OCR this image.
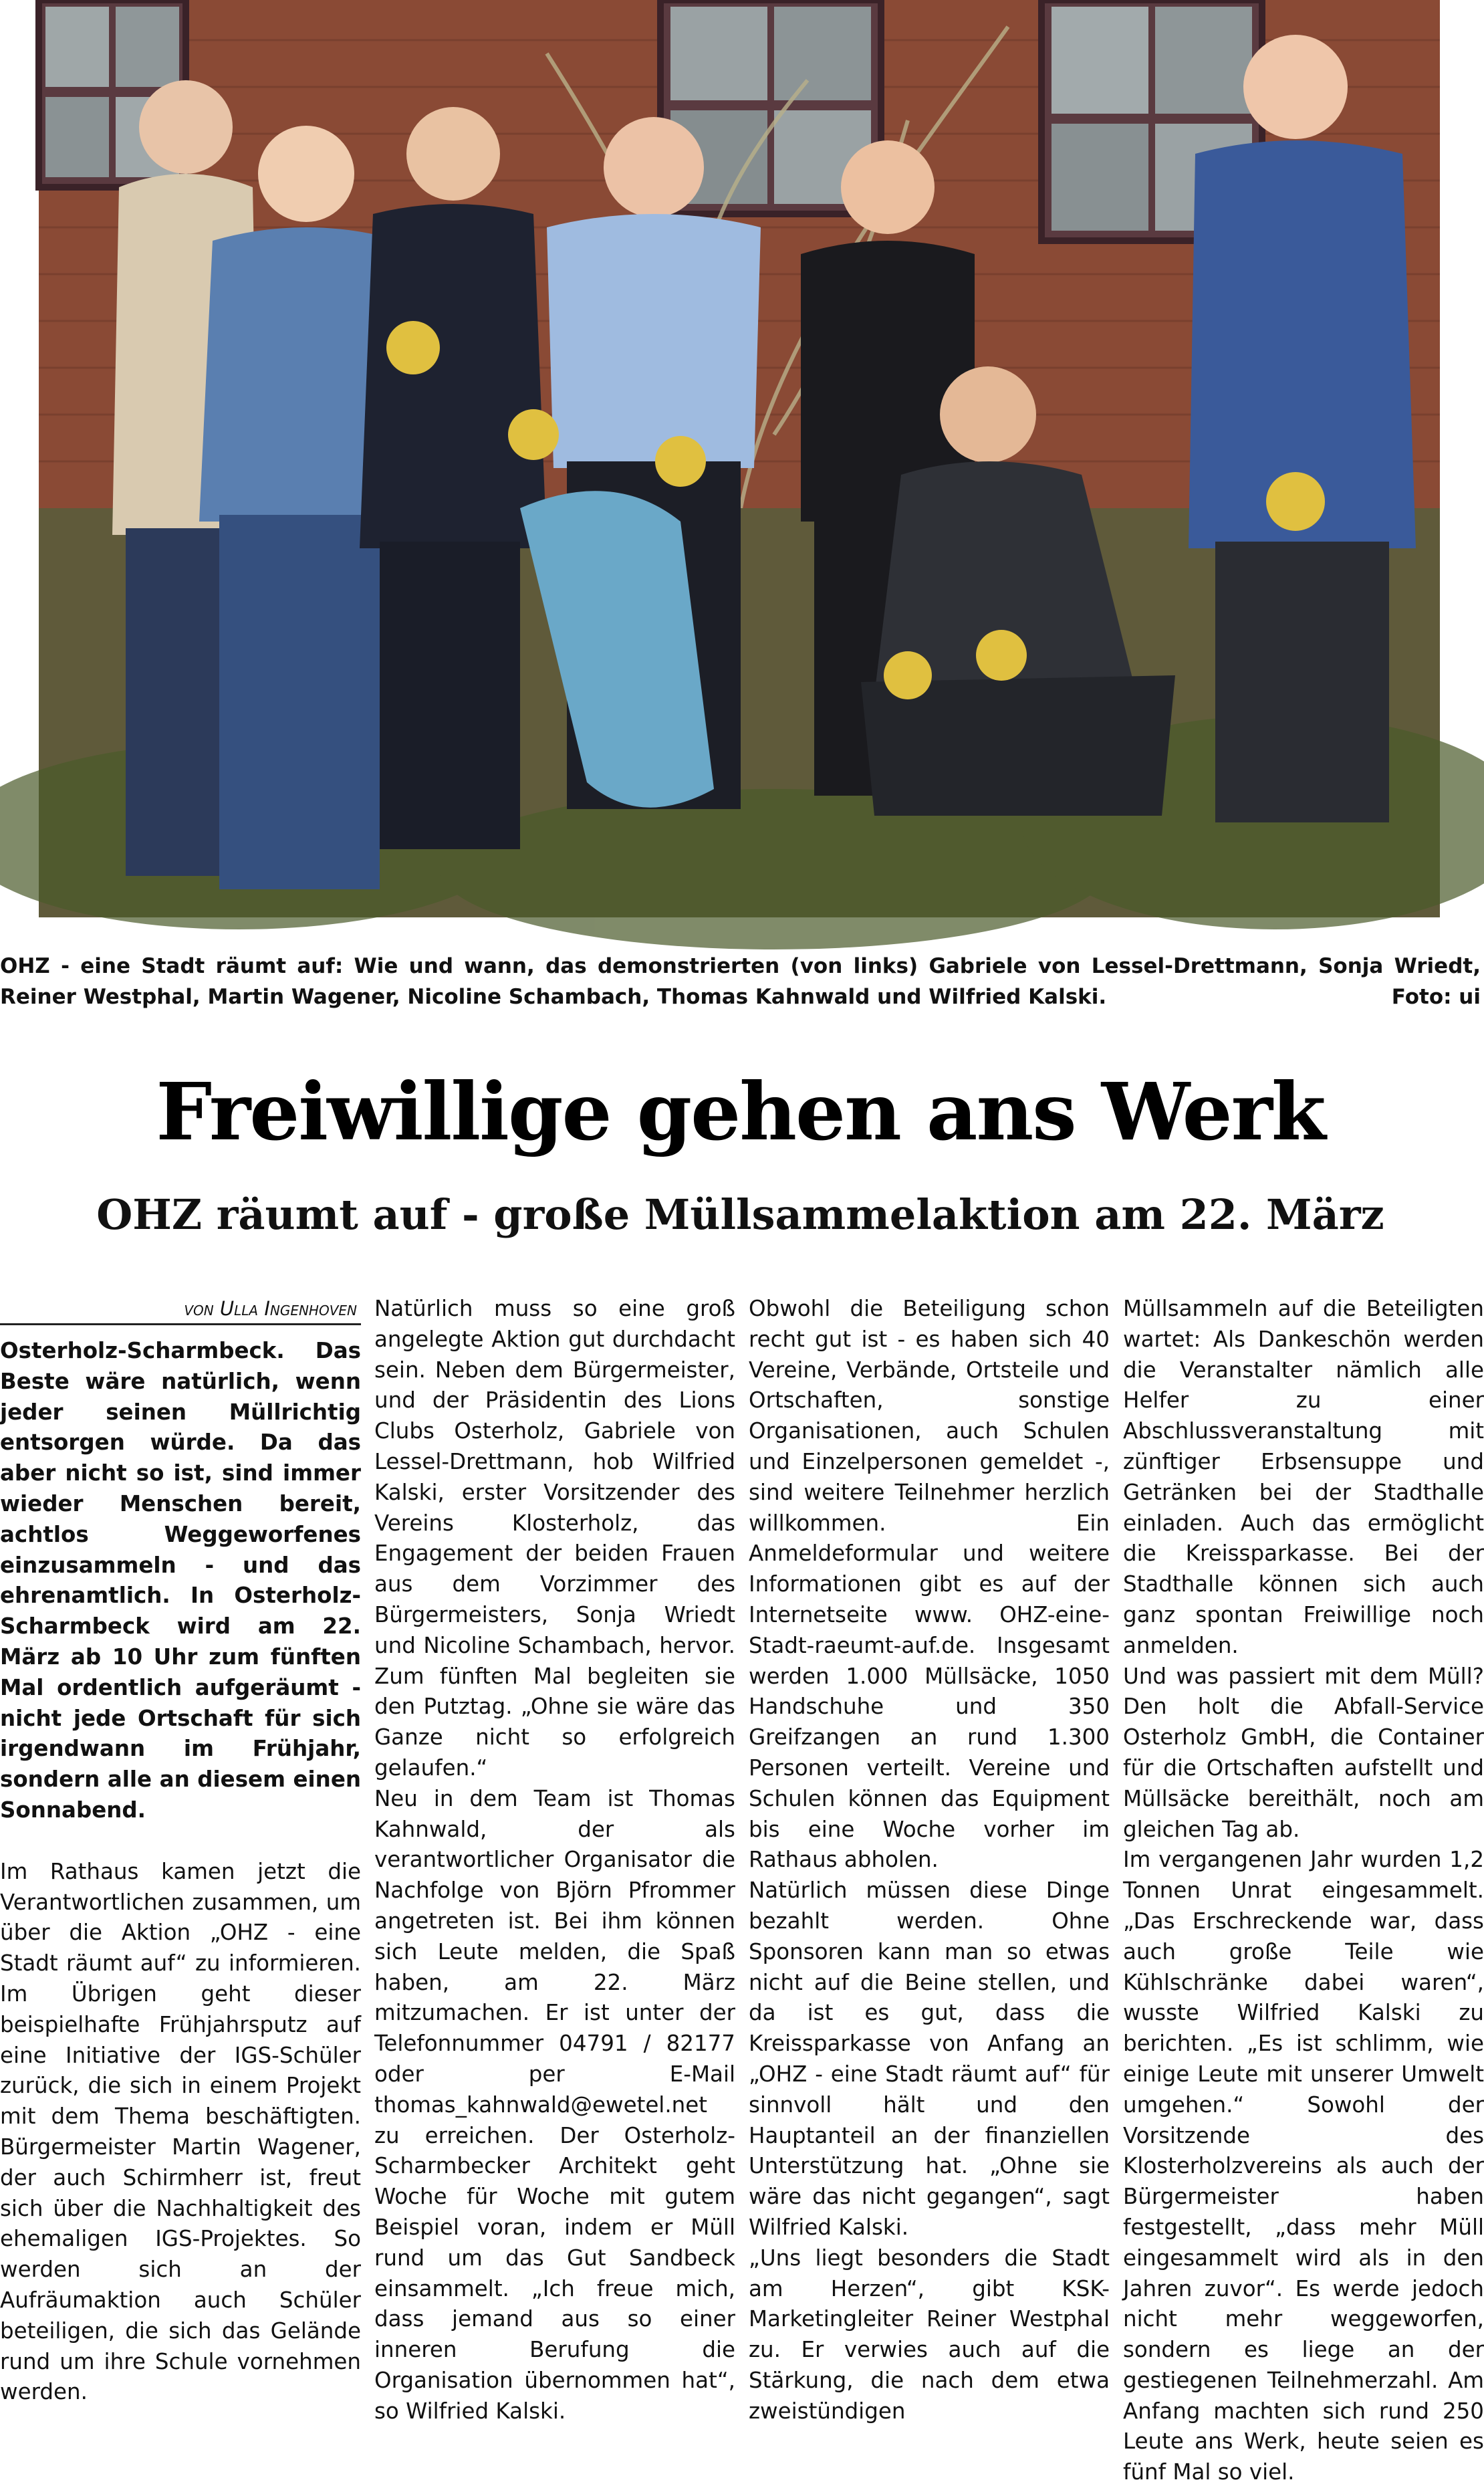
OHZ - eine Stadt räumt auf: Wie und wann, das demonstrierten (von links) Gabriele von Lessel-Drettmann, Sonja Wriedt, Reiner Westphal, Martin Wagener, Nicoline Schambach, Thomas Kahnwald und Wilfried Kalski.	Foto: ui
Freiwillige gehen ans Werk
OHZ räumt auf - große Müllsammelaktion am 22. März
von Ulla Ingenhoven

Osterholz-Scharmbeck. Das Beste wäre natürlich, wenn jeder seinen Müllrichtig entsorgen würde. Da das aber nicht so ist, sind immer wieder Menschen bereit, achtlos Weggeworfenes einzusammeln - und das ehrenamtlich. In Osterholz-Scharmbeck wird am 22. März ab 10 Uhr zum fünften Mal ordentlich aufgeräumt - nicht jede Ortschaft für sich irgendwann im Frühjahr, sondern alle an diesem einen Sonnabend.

Im Rathaus kamen jetzt die Verantwortlichen zusammen, um über die Aktion „OHZ - eine Stadt räumt auf“ zu informieren. Im Übrigen geht dieser beispielhafte Frühjahrsputz auf eine Initiative der IGS-Schüler zurück, die sich in einem Projekt mit dem Thema beschäftigten. Bürgermeister Martin Wagener, der auch Schirmherr ist, freut sich über die Nachhaltigkeit des ehemaligen IGS-Projektes. So werden sich an der Aufräumaktion auch Schüler beteiligen, die sich das Gelände rund um ihre Schule vornehmen werden.

Natürlich muss so eine groß angelegte Aktion gut durchdacht sein. Neben dem Bürgermeister, und der Präsidentin des Lions Clubs Osterholz, Gabriele von Lessel-Drettmann, hob Wilfried Kalski, erster Vorsitzender des Vereins Klosterholz, das Engagement der beiden Frauen aus dem Vorzimmer des Bürgermeisters, Sonja Wriedt und Nicoline Schambach, hervor. Zum fünften Mal begleiten sie den Putztag. „Ohne sie wäre das Ganze nicht so erfolgreich gelaufen.“

Neu in dem Team ist Thomas Kahnwald, der als verantwortlicher Organisator die Nachfolge von Björn Pfrommer angetreten ist. Bei ihm können sich Leute melden, die Spaß haben, am 22. März mitzumachen. Er ist unter der Telefonnummer 04791 / 82177 oder per E-Mail thomas_kahnwald@ewetel.net zu erreichen. Der Osterholz-Scharmbecker Architekt geht Woche für Woche mit gutem Beispiel voran, indem er Müll rund um das Gut Sandbeck einsammelt. „Ich freue mich, dass jemand aus so einer inneren Berufung die Organisation übernommen hat“, so Wilfried Kalski.

Obwohl die Beteiligung schon recht gut ist - es haben sich 40 Vereine, Verbände, Ortsteile und Ortschaften, sonstige Organisationen, auch Schulen und Einzelpersonen gemeldet -, sind weitere Teilnehmer herzlich willkommen. Ein Anmeldeformular und weitere Informationen gibt es auf der Internetseite www. OHZ-eine-Stadt-raeumt-auf.de. Insgesamt werden 1.000 Müllsäcke, 1050 Handschuhe und 350 Greifzangen an rund 1.300 Personen verteilt. Vereine und Schulen können das Equipment bis eine Woche vorher im Rathaus abholen.

Natürlich müssen diese Dinge bezahlt werden. Ohne Sponsoren kann man so etwas nicht auf die Beine stellen, und da ist es gut, dass die Kreissparkasse von Anfang an „OHZ - eine Stadt räumt auf“ für sinnvoll hält und den Hauptanteil an der finanziellen Unterstützung hat. „Ohne sie wäre das nicht gegangen“, sagt Wilfried Kalski.

„Uns liegt besonders die Stadt am Herzen“, gibt KSK-Marketingleiter Reiner Westphal zu. Er verwies auch auf die Stärkung, die nach dem etwa zweistündigen

Müllsammeln auf die Beteiligten wartet: Als Dankeschön werden die Veranstalter nämlich alle Helfer zu einer Abschlussveranstaltung mit zünftiger Erbsensuppe und Getränken bei der Stadthalle einladen. Auch das ermöglicht die Kreissparkasse. Bei der Stadthalle können sich auch ganz spontan Freiwillige noch anmelden.

Und was passiert mit dem Müll? Den holt die Abfall-Service Osterholz GmbH, die Container für die Ortschaften aufstellt und Müllsäcke bereithält, noch am gleichen Tag ab.

Im vergangenen Jahr wurden 1,2 Tonnen Unrat eingesammelt. „Das Erschreckende war, dass auch große Teile wie Kühlschränke dabei waren“, wusste Wilfried Kalski zu berichten. „Es ist schlimm, wie einige Leute mit unserer Umwelt umgehen.“ Sowohl der Vorsitzende des Klosterholzvereins als auch der Bürgermeister haben festgestellt, „dass mehr Müll eingesammelt wird als in den Jahren zuvor“. Es werde jedoch nicht mehr weggeworfen, sondern es liege an der gestiegenen Teilnehmerzahl. Am Anfang machten sich rund 250 Leute ans Werk, heute seien es fünf Mal so viel.
